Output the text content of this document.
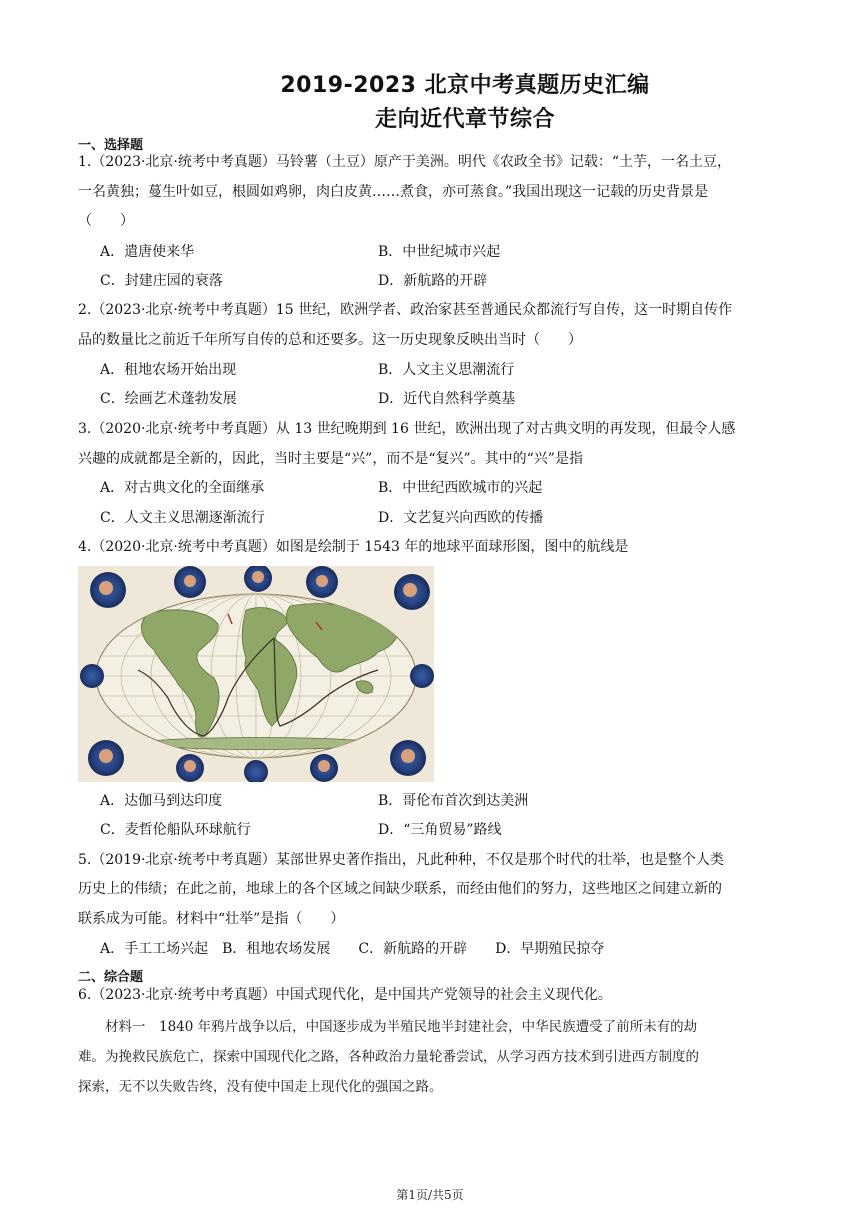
2019-2023 北京中考真题历史汇编
走向近代章节综合
一、选择题
1.（2023·北京·统考中考真题）马铃薯（土豆）原产于美洲。明代《农政全书》记载：“土芋，一名土豆，
一名黄独；蔓生叶如豆，根圆如鸡卵，肉白皮黄……煮食，亦可蒸食。”我国出现这一记载的历史背景是
（　　）
A．遣唐使来华	B．中世纪城市兴起
C．封建庄园的衰落	D．新航路的开辟
2.（2023·北京·统考中考真题）15 世纪，欧洲学者、政治家甚至普通民众都流行写自传，这一时期自传作
品的数量比之前近千年所写自传的总和还要多。这一历史现象反映出当时（　　）
A．租地农场开始出现	B．人文主义思潮流行
C．绘画艺术蓬勃发展	D．近代自然科学奠基
3.（2020·北京·统考中考真题）从 13 世纪晚期到 16 世纪，欧洲出现了对古典文明的再发现，但最令人感
兴趣的成就都是全新的，因此，当时主要是“兴”，而不是“复兴”。其中的“兴”是指
A．对古典文化的全面继承	B．中世纪西欧城市的兴起
C．人文主义思潮逐渐流行	D．文艺复兴向西欧的传播
4.（2020·北京·统考中考真题）如图是绘制于 1543 年的地球平面球形图，图中的航线是
A．达伽马到达印度	B．哥伦布首次到达美洲
C．麦哲伦船队环球航行	D．“三角贸易”路线
5.（2019·北京·统考中考真题）某部世界史著作指出，凡此种种，不仅是那个时代的壮举，也是整个人类
历史上的伟绩；在此之前，地球上的各个区域之间缺少联系，而经由他们的努力，这些地区之间建立新的
联系成为可能。材料中“壮举”是指（　　）
A．手工工场兴起　B．租地农场发展　　C．新航路的开辟　　D．早期殖民掠夺
二、综合题
6.（2023·北京·统考中考真题）中国式现代化，是中国共产党领导的社会主义现代化。
　　材料一　1840 年鸦片战争以后，中国逐步成为半殖民地半封建社会，中华民族遭受了前所未有的劫
难。为挽救民族危亡，探索中国现代化之路，各种政治力量轮番尝试，从学习西方技术到引进西方制度的
探索，无不以失败告终，没有使中国走上现代化的强国之路。
第1页/共5页
